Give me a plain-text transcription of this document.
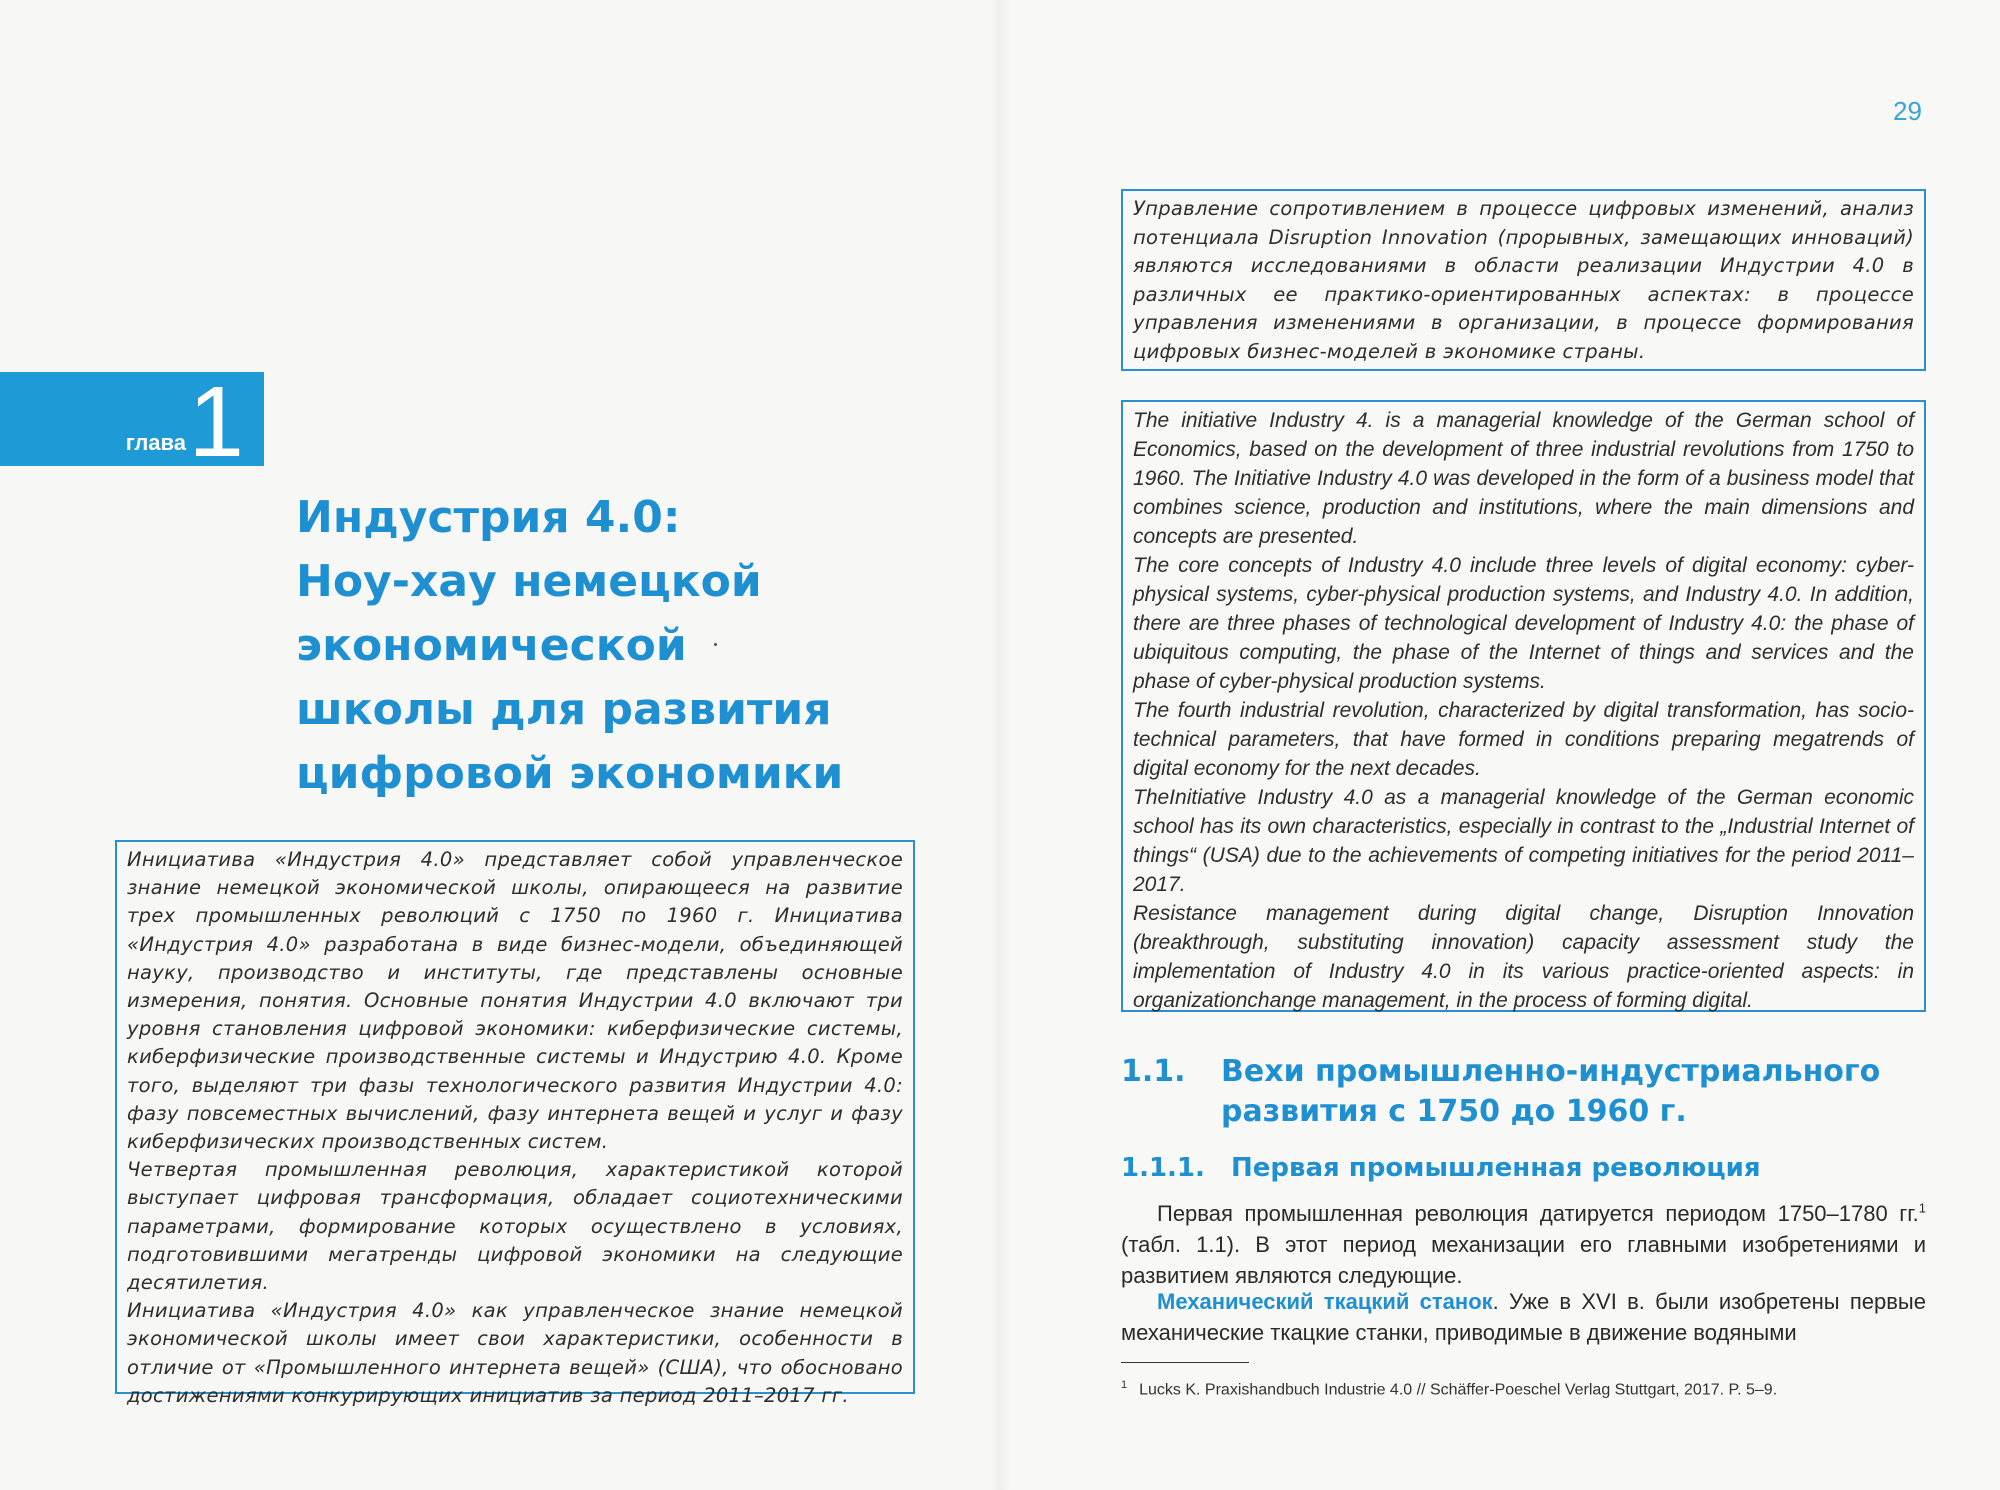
29
глава 1
Индустрия 4.0:
Ноу-хау немецкой
экономической
школы для развития
цифровой экономики

Инициатива «Индустрия 4.0» представляет собой управленческое знание немецкой экономической школы, опирающееся на развитие трех промышленных революций с 1750 по 1960 г. Инициатива «Индустрия 4.0» разработана в виде бизнес-модели, объединяющей науку, производство и институты, где представлены основные измерения, понятия. Основные понятия Индустрии 4.0 включают три уровня становления цифровой экономики: киберфизические системы, киберфизические производственные системы и Индустрию 4.0. Кроме того, выделяют три фазы технологического развития Индустрии 4.0: фазу повсеместных вычислений, фазу интернета вещей и услуг и фазу киберфизических производственных систем.

Четвертая промышленная революция, характеристикой которой выступает цифровая трансформация, обладает социотехническими параметрами, формирование которых осуществлено в условиях, подготовившими мегатренды цифровой экономики на следующие десятилетия.

Инициатива «Индустрия 4.0» как управленческое знание немецкой экономической школы имеет свои характеристики, особенности в отличие от «Промышленного интернета вещей» (США), что обосновано достижениями конкурирующих инициатив за период 2011–2017 гг.

Управление сопротивлением в процессе цифровых изменений, анализ потенциала Disruption Innovation (прорывных, замещающих инноваций) являются исследованиями в области реализации Индустрии 4.0 в различных ее практико-ориентированных аспектах: в процессе управления изменениями в организации, в процессе формирования цифровых бизнес-моделей в экономике страны.

The initiative Industry 4. is a managerial knowledge of the German school of Economics, based on the development of three industrial revolutions from 1750 to 1960. The Initiative Industry 4.0 was developed in the form of a business model that combines science, production and institutions, where the main dimensions and concepts are presented.

The core concepts of Industry 4.0 include three levels of digital economy: cyber-physical systems, cyber-physical production systems, and Industry 4.0. In addition, there are three phases of technological development of Industry 4.0: the phase of ubiquitous computing, the phase of the Internet of things and services and the phase of cyber-physical production systems.

The fourth industrial revolution, characterized by digital transformation, has socio-technical parameters, that have formed in conditions preparing megatrends of digital economy for the next decades.

TheInitiative Industry 4.0 as a managerial knowledge of the German economic school has its own characteristics, especially in contrast to the „Industrial Internet of things“ (USA) due to the achievements of competing initiatives for the period 2011–2017.

Resistance management during digital change, Disruption Innovation (breakthrough, substituting innovation) capacity assessment study the implementation of Industry 4.0 in its various practice-oriented aspects: in organizationchange management, in the process of forming digital.

1.1. Вехи промышленно-индустриального развития с 1750 до 1960 г.
1.1.1. Первая промышленная революция

Первая промышленная революция датируется периодом 1750–1780 гг.$^1$ (табл. 1.1). В этот период механизации его главными изобретениями и развитием являются следующие.

Механический ткацкий станок. Уже в XVI в. были изобретены первые механические ткацкие станки, приводимые в движение водяными

$^1$ Lucks K. Praxishandbuch Industrie 4.0 // Schäffer-Poeschel Verlag Stuttgart, 2017. P. 5–9.
